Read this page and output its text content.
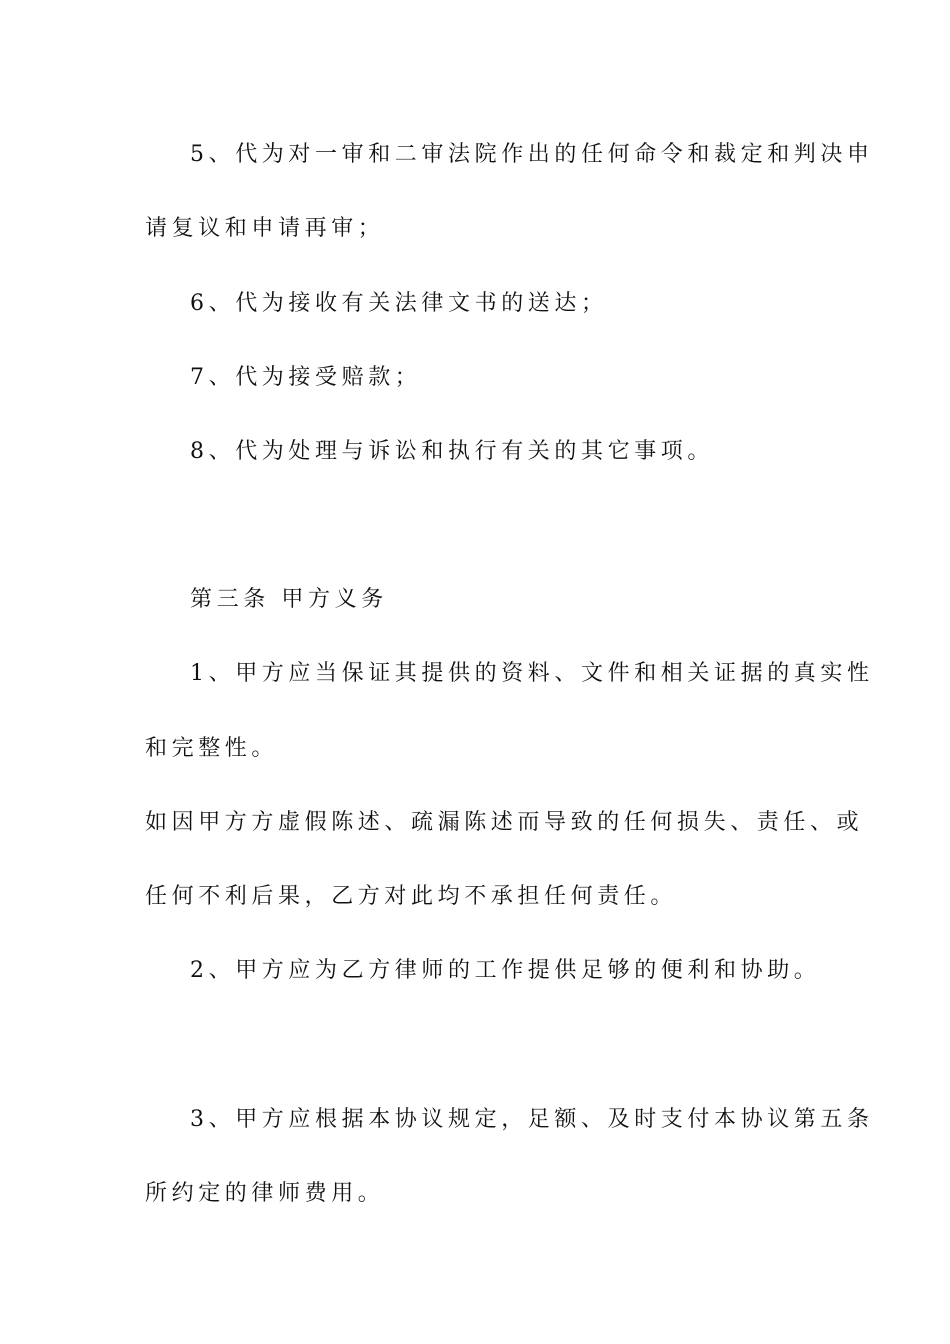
5、代为对一审和二审法院作出的任何命令和裁定和判决申
请复议和申请再审；
6、代为接收有关法律文书的送达；
7、代为接受赔款；
8、代为处理与诉讼和执行有关的其它事项。
第三条 甲方义务
1、甲方应当保证其提供的资料、文件和相关证据的真实性
和完整性。
如因甲方方虚假陈述、疏漏陈述而导致的任何损失、责任、或
任何不利后果，乙方对此均不承担任何责任。
2、甲方应为乙方律师的工作提供足够的便利和协助。
3、甲方应根据本协议规定，足额、及时支付本协议第五条
所约定的律师费用。
